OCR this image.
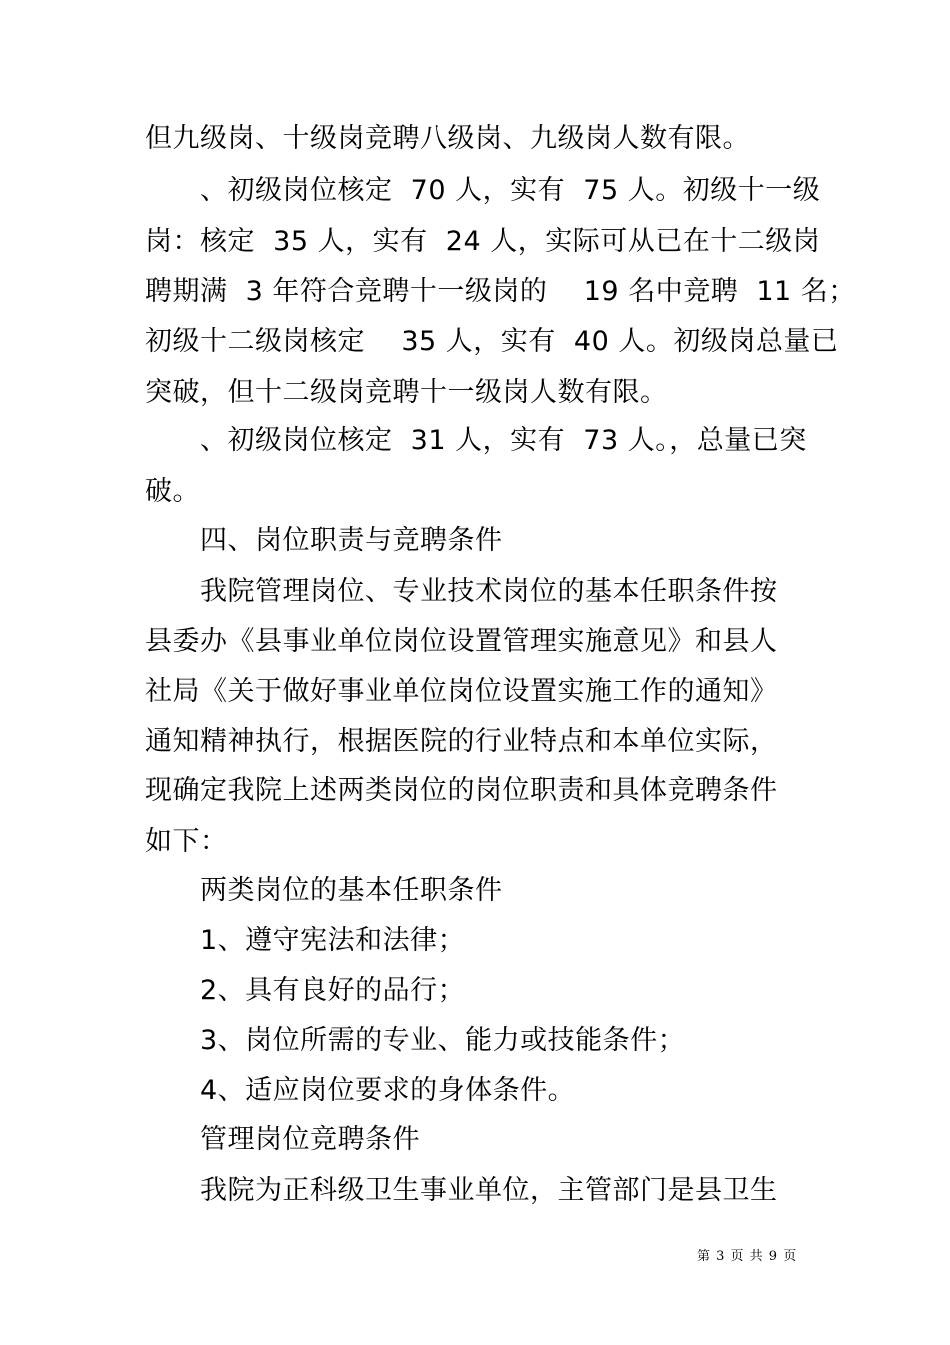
但九级岗、十级岗竞聘八级岗、九级岗人数有限。
、初级岗位核定  70 人，实有  75 人。初级十一级
岗：核定  35 人，实有  24 人，实际可从已在十二级岗
聘期满  3 年符合竞聘十一级岗的    19 名中竞聘  11 名；
初级十二级岗核定    35 人，实有  40 人。初级岗总量已
突破，但十二级岗竞聘十一级岗人数有限。
、初级岗位核定  31 人，实有  73 人。，总量已突
破。
四、岗位职责与竞聘条件
我院管理岗位、专业技术岗位的基本任职条件按
县委办《县事业单位岗位设置管理实施意见》和县人
社局《关于做好事业单位岗位设置实施工作的通知》
通知精神执行，根据医院的行业特点和本单位实际，
现确定我院上述两类岗位的岗位职责和具体竞聘条件
如下：
两类岗位的基本任职条件
1、遵守宪法和法律；
2、具有良好的品行；
3、岗位所需的专业、能力或技能条件；
4、适应岗位要求的身体条件。
管理岗位竞聘条件
我院为正科级卫生事业单位，主管部门是县卫生
第 3 页 共 9 页
